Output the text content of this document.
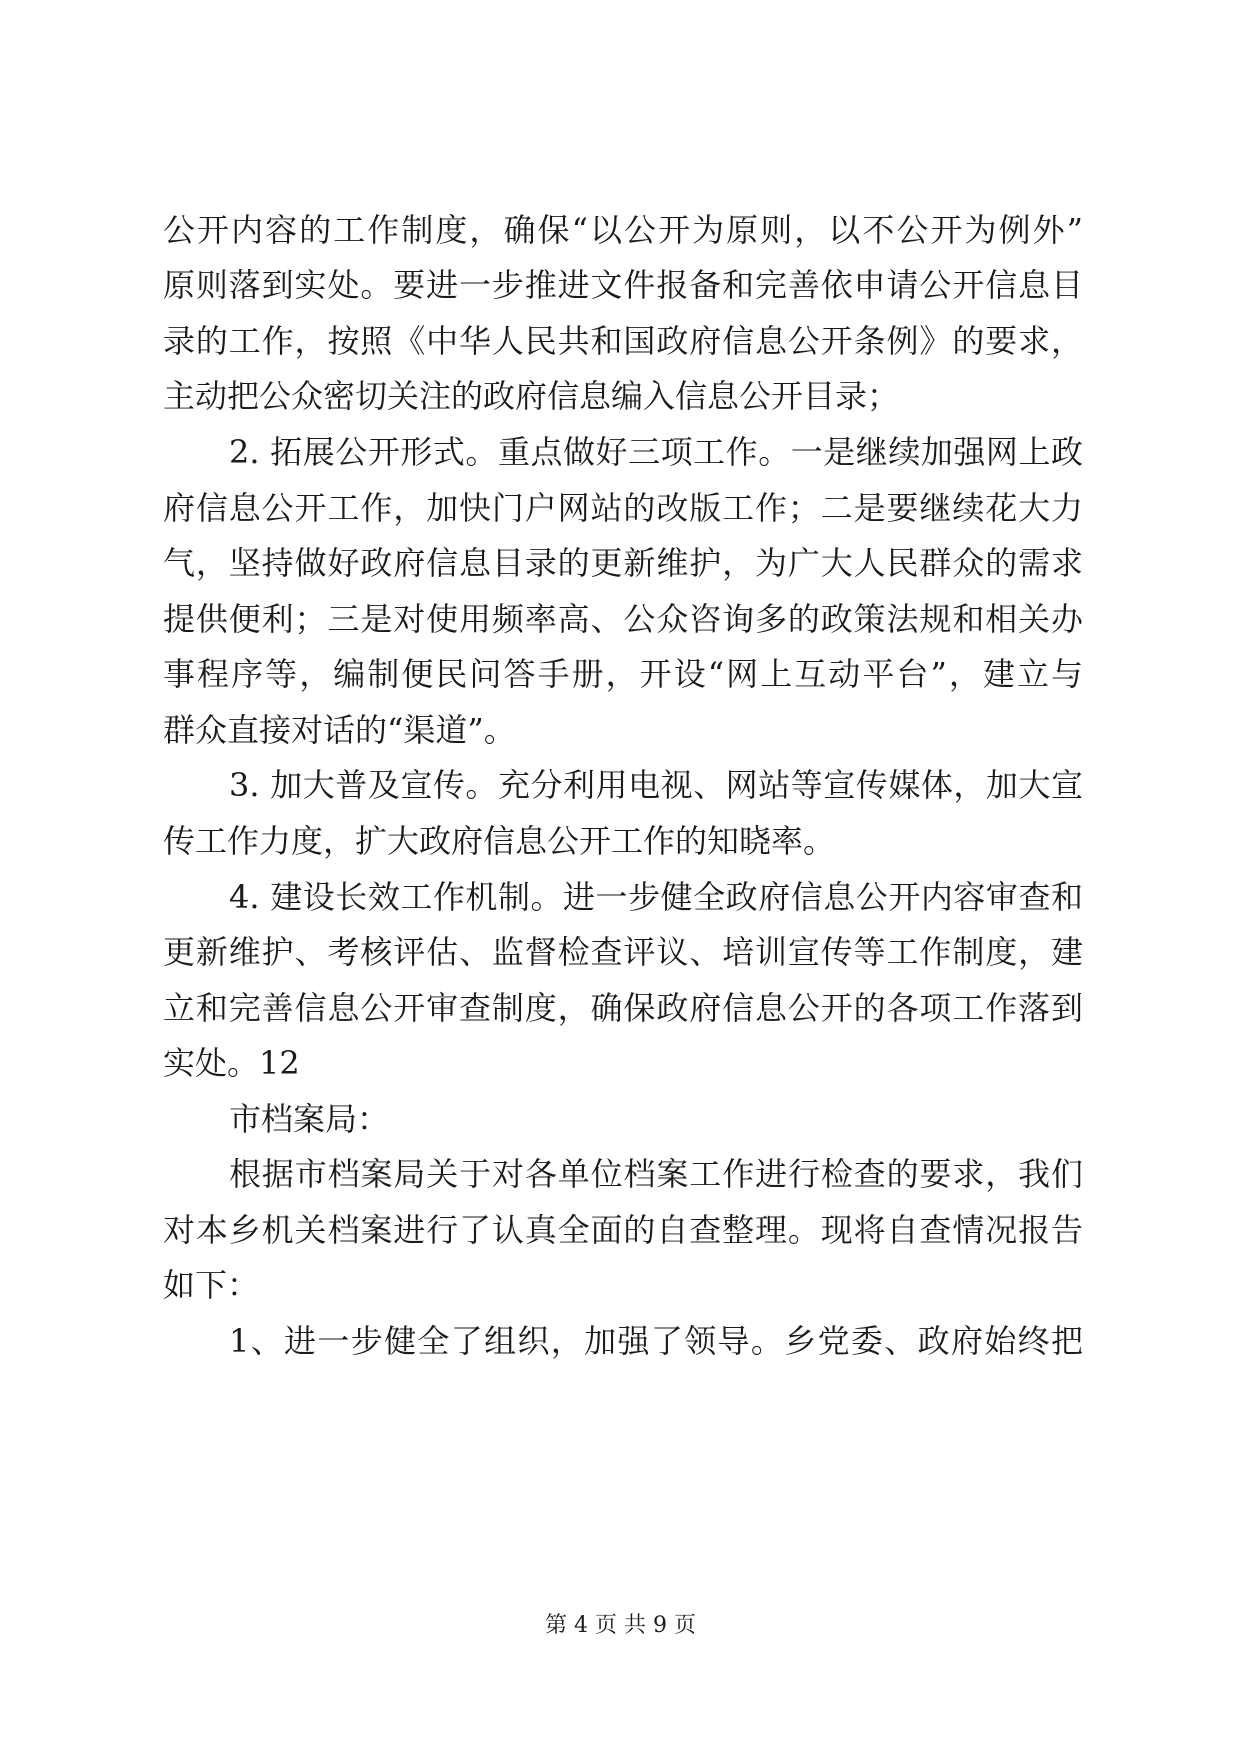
公开内容的工作制度，确保“以公开为原则，以不公开为例外”
原则落到实处。要进一步推进文件报备和完善依申请公开信息目
录的工作，按照《中华人民共和国政府信息公开条例》的要求，
主动把公众密切关注的政府信息编入信息公开目录；
2. 拓展公开形式。重点做好三项工作。一是继续加强网上政
府信息公开工作，加快门户网站的改版工作；二是要继续花大力
气，坚持做好政府信息目录的更新维护，为广大人民群众的需求
提供便利；三是对使用频率高、公众咨询多的政策法规和相关办
事程序等，编制便民问答手册，开设“网上互动平台”，建立与
群众直接对话的“渠道”。
3. 加大普及宣传。充分利用电视、网站等宣传媒体，加大宣
传工作力度，扩大政府信息公开工作的知晓率。
4. 建设长效工作机制。进一步健全政府信息公开内容审查和
更新维护、考核评估、监督检查评议、培训宣传等工作制度，建
立和完善信息公开审查制度，确保政府信息公开的各项工作落到
实处。12
市档案局：
根据市档案局关于对各单位档案工作进行检查的要求，我们
对本乡机关档案进行了认真全面的自查整理。现将自查情况报告
如下：
1、进一步健全了组织，加强了领导。乡党委、政府始终把
第 4 页 共 9 页
